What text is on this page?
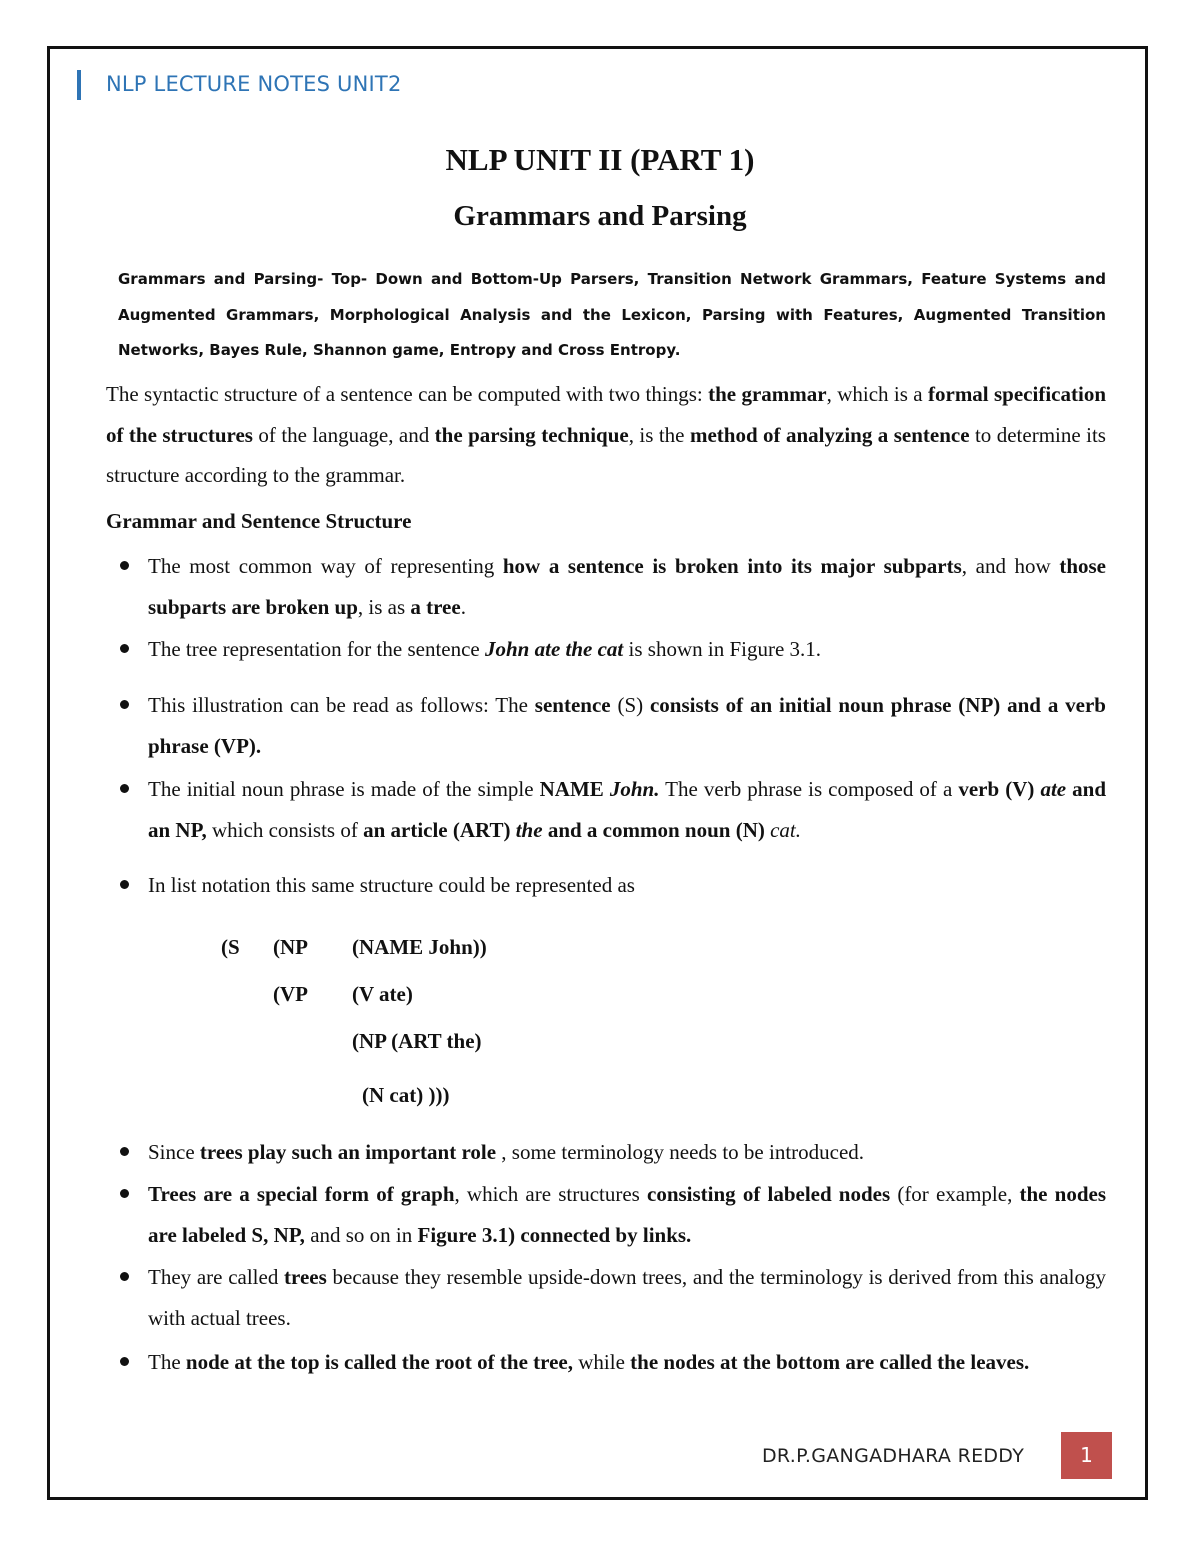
NLP LECTURE NOTES UNIT2
NLP UNIT II (PART 1)
Grammars and Parsing
Grammars and Parsing- Top- Down and Bottom-Up Parsers, Transition Network Grammars, Feature Systems and Augmented Grammars, Morphological Analysis and the Lexicon, Parsing with Features, Augmented Transition Networks, Bayes Rule, Shannon game, Entropy and Cross Entropy.
The syntactic structure of a sentence can be computed with two things: the grammar, which is a formal specification of the structures of the language, and the parsing technique, is the method of analyzing a sentence to determine its structure according to the grammar.
Grammar and Sentence Structure
The most common way of representing how a sentence is broken into its major subparts, and how those subparts are broken up, is as a tree.
The tree representation for the sentence John ate the cat is shown in Figure 3.1.
This illustration can be read as follows: The sentence (S) consists of an initial noun phrase (NP) and a verb phrase (VP).
The initial noun phrase is made of the simple NAME John. The verb phrase is composed of a verb (V) ate and an NP, which consists of an article (ART) the and a common noun (N) cat.
In list notation this same structure could be represented as
(S (NP (NAME John))
(VP (V ate)
(NP (ART the)
(N cat) )))
Since trees play such an important role , some terminology needs to be introduced.
Trees are a special form of graph, which are structures consisting of labeled nodes (for example, the nodes are labeled S, NP, and so on in Figure 3.1) connected by links.
They are called trees because they resemble upside-down trees, and the terminology is derived from this analogy with actual trees.
The node at the top is called the root of the tree, while the nodes at the bottom are called the leaves.
DR.P.GANGADHARA REDDY	1
